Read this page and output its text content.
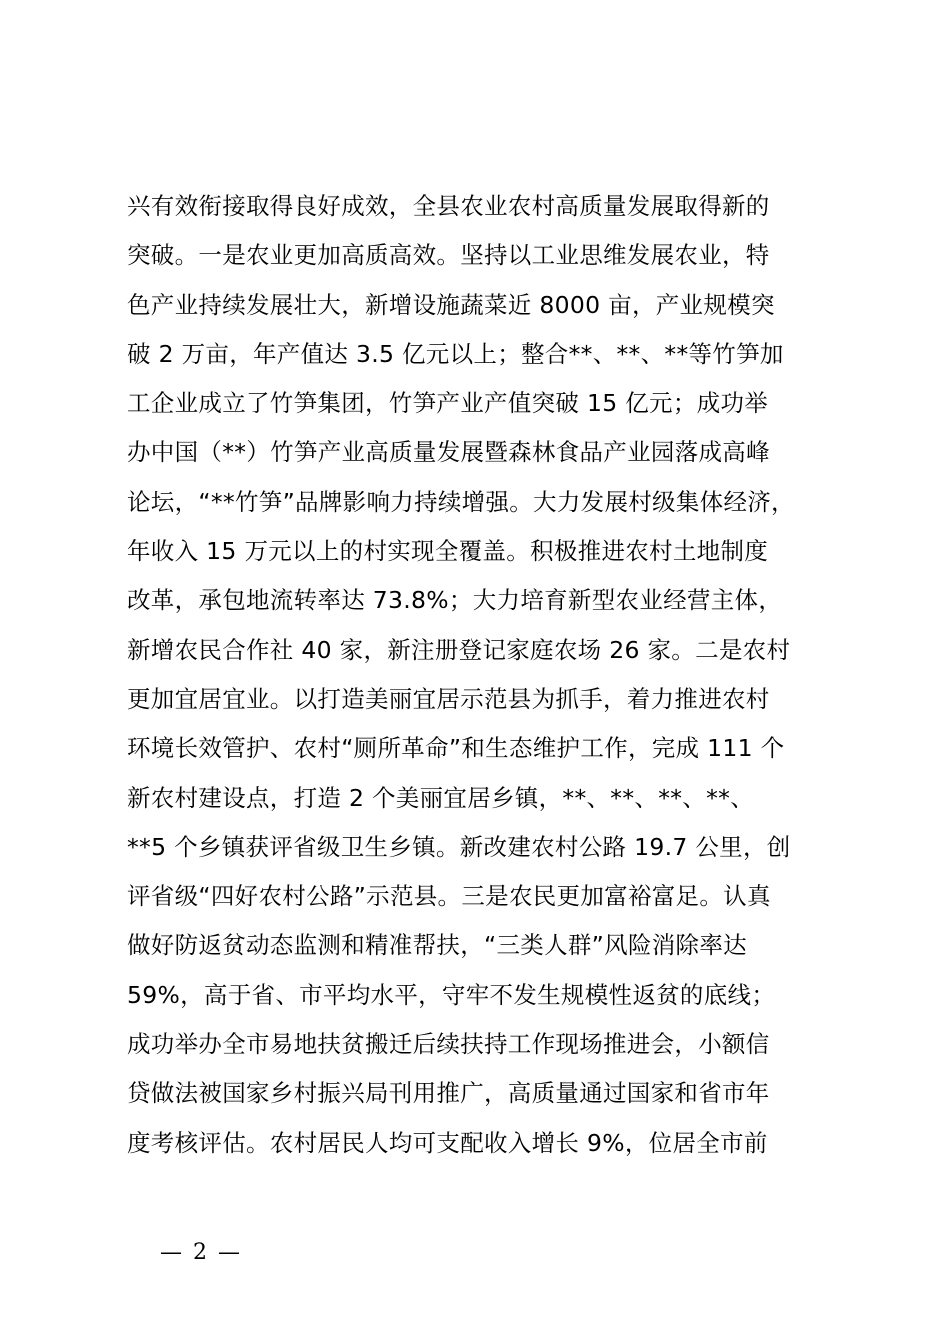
兴有效衔接取得良好成效，全县农业农村高质量发展取得新的
突破。一是农业更加高质高效。坚持以工业思维发展农业，特
色产业持续发展壮大，新增设施蔬菜近 8000 亩，产业规模突
破 2 万亩，年产值达 3.5 亿元以上；整合**、**、**等竹笋加
工企业成立了竹笋集团，竹笋产业产值突破 15 亿元；成功举
办中国（**）竹笋产业高质量发展暨森林食品产业园落成高峰
论坛，“**竹笋”品牌影响力持续增强。大力发展村级集体经济，
年收入 15 万元以上的村实现全覆盖。积极推进农村土地制度
改革，承包地流转率达 73.8%；大力培育新型农业经营主体，
新增农民合作社 40 家，新注册登记家庭农场 26 家。二是农村
更加宜居宜业。以打造美丽宜居示范县为抓手，着力推进农村
环境长效管护、农村“厕所革命”和生态维护工作，完成 111 个
新农村建设点，打造 2 个美丽宜居乡镇，**、**、**、**、
**5 个乡镇获评省级卫生乡镇。新改建农村公路 19.7 公里，创
评省级“四好农村公路”示范县。三是农民更加富裕富足。认真
做好防返贫动态监测和精准帮扶，“三类人群”风险消除率达
59%，高于省、市平均水平，守牢不发生规模性返贫的底线；
成功举办全市易地扶贫搬迁后续扶持工作现场推进会，小额信
贷做法被国家乡村振兴局刊用推广，高质量通过国家和省市年
度考核评估。农村居民人均可支配收入增长 9%，位居全市前
— 2 —
